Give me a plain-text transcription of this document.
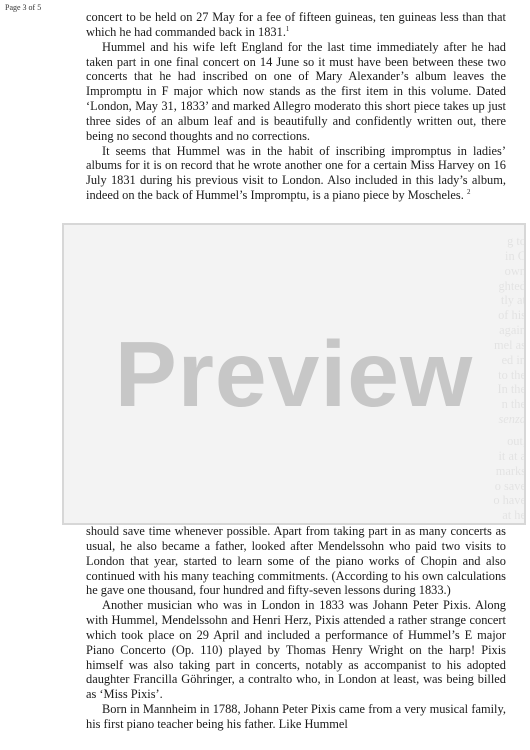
Page 3 of 5

concert to be held on 27 May for a fee of fifteen guineas, ten guineas less than that which he had commanded back in 1831.$^1$

Hummel and his wife left England for the last time immediately after he had taken part in one final concert on 14 June so it must have been between these two concerts that he had inscribed on one of Mary Alexander’s album leaves the Impromptu in F major which now stands as the first item in this volume. Dated ‘London, May 31, 1833’ and marked Allegro moderato this short piece takes up just three sides of an album leaf and is beautifully and confidently written out, there being no second thoughts and no corrections.

It seems that Hummel was in the habit of inscribing impromptus in ladies’ albums for it is on record that he wrote another one for a certain Miss Harvey on 16 July 1831 during his previous visit to London. Also included in this lady’s album, indeed on the back of Hummel’s Impromptu, is a piano piece by Moscheles. $^2$

Preview

should save time whenever possible. Apart from taking part in as many concerts as usual, he also became a father, looked after Mendelssohn who paid two visits to London that year, started to learn some of the piano works of Chopin and also continued with his many teaching commitments. (According to his own calculations he gave one thousand, four hundred and fifty-seven lessons during 1833.)

Another musician who was in London in 1833 was Johann Peter Pixis. Along with Hummel, Mendelssohn and Henri Herz, Pixis attended a rather strange concert which took place on 29 April and included a performance of Hummel’s E major Piano Concerto (Op. 110) played by Thomas Henry Wright on the harp! Pixis himself was also taking part in concerts, notably as accompanist to his adopted daughter Francilla Göhringer, a contralto who, in London at least, was being billed as ‘Miss Pixis’.

Born in Mannheim in 1788, Johann Peter Pixis came from a very musical family, his first piano teacher being his father. Like Hummel
